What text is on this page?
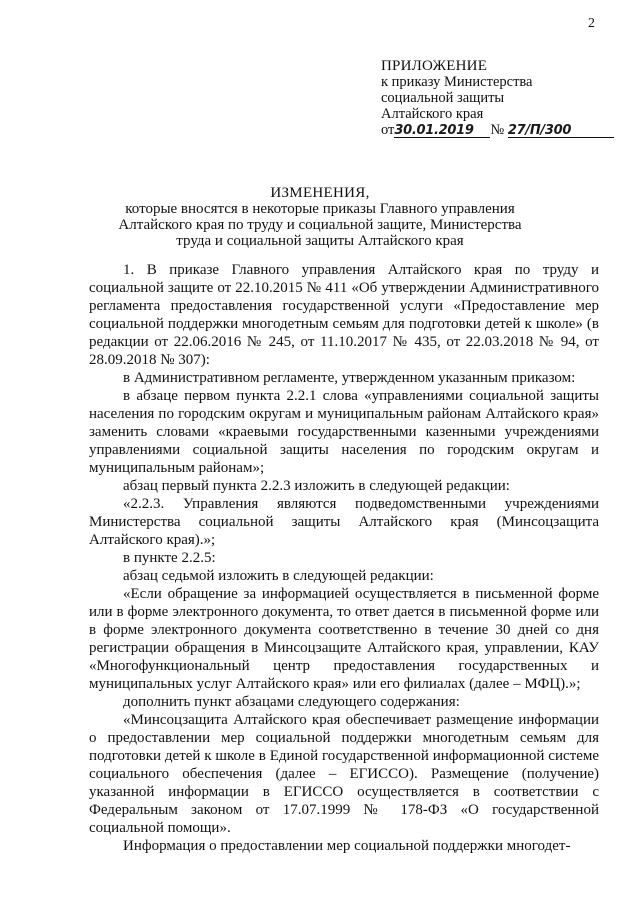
2
ПРИЛОЖЕНИЕ
к приказу Министерства
социальной защиты
Алтайского края
от30.01.2019 № 27/П/300
ИЗМЕНЕНИЯ,
которые вносятся в некоторые приказы Главного управления
Алтайского края по труду и социальной защите, Министерства
труда и социальной защиты Алтайского края

1. В приказе Главного управления Алтайского края по труду и социальной защите от 22.10.2015 № 411 «Об утверждении Административного регламента предоставления государственной услуги «Предоставление мер социальной поддержки многодетным семьям для подготовки детей к школе» (в редакции от 22.06.2016 № 245, от 11.10.2017 № 435, от 22.03.2018 № 94, от 28.09.2018 № 307):

в Административном регламенте, утвержденном указанным приказом:

в абзаце первом пункта 2.2.1 слова «управлениями социальной защиты населения по городским округам и муниципальным районам Алтайского края» заменить словами «краевыми государственными казенными учреждениями управлениями социальной защиты населения по городским округам и муниципальным районам»;

абзац первый пункта 2.2.3 изложить в следующей редакции:

«2.2.3. Управления являются подведомственными учреждениями Министерства социальной защиты Алтайского края (Минсоцзащита Алтайского края).»;

в пункте 2.2.5:

абзац седьмой изложить в следующей редакции:

«Если обращение за информацией осуществляется в письменной форме или в форме электронного документа, то ответ дается в письменной форме или в форме электронного документа соответственно в течение 30 дней со дня регистрации обращения в Минсоцзащите Алтайского края, управлении, КАУ «Многофункциональный центр предоставления государственных и муниципальных услуг Алтайского края» или его филиалах (далее – МФЦ).»;

дополнить пункт абзацами следующего содержания:

«Минсоцзащита Алтайского края обеспечивает размещение информации о предоставлении мер социальной поддержки многодетным семьям для подготовки детей к школе в Единой государственной информационной системе социального обеспечения (далее – ЕГИССО). Размещение (получение) указанной информации в ЕГИССО осуществляется в соответствии с Федеральным законом от 17.07.1999 № 178-ФЗ «О государственной социальной помощи».

Информация о предоставлении мер социальной поддержки многодет-
